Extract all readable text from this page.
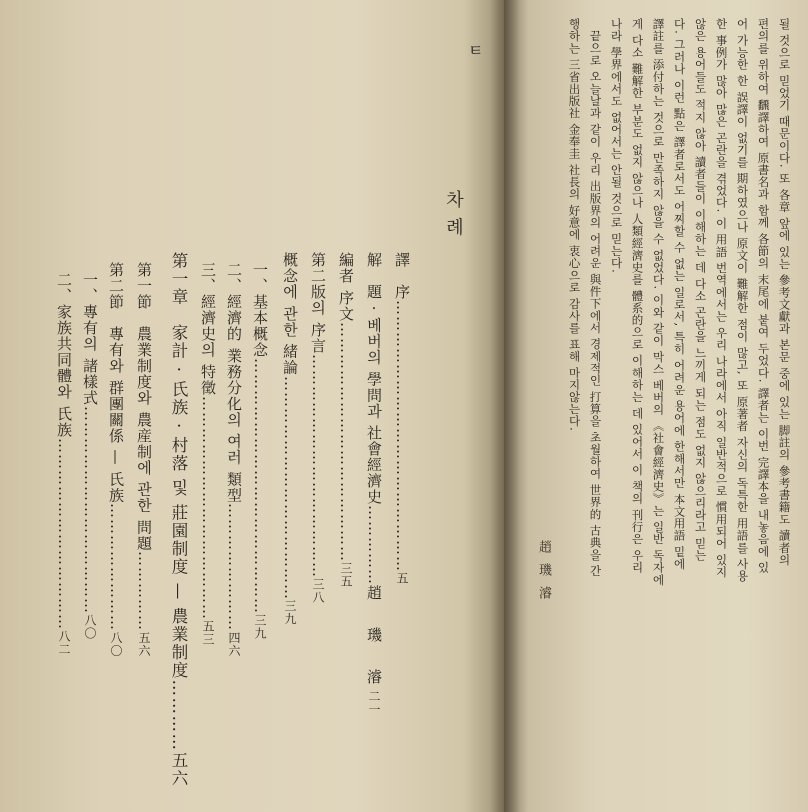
ㅌ
차 례
譯　序……………………………………………五
解　題 · 베버의 學問과 社會經濟史……………趙　璣　濬二一
編者 序文………………………………………三五
第二版의 序言……………………………………三八
概念에 관한 緒論……………………………………三九
一、基本概念…………………………………………三九
二、經濟的 業務分化의 여러 類型……………………四六
三、經濟史의 特徵……………………………………五三
第一章　家計 · 氏族 · 村落 및 莊園制度 — 農業制度…………五六
第一節　農業制度와 農産制에 관한 問題……………五六
第二節　專有와 群團關係 — 氏族……………………八〇
一、專有의 諸樣式…………………………………八〇
二、家族共同體와 氏族………………………………八二
될 것으로 믿었기 때문이다. 또 各章 앞에 있는 參考文獻과 본문 중에 있는 脚註의 參考書籍도 讀者의
편의를 위하여 飜譯하여 原書名과 함께 各節의 末尾에 붙여 두었다. 譯者는 이번 完譯本을 내놓음에 있
어 가능한 한 誤譯이 없기를 期하였으나 原文이 難解한 점이 많고, 또 原著者 자신의 독특한 用語를 사용
한 事例가 많아 많은 곤란을 겪었다. 이 用語 번역에서는 우리 나라에서 아직 일반적으로 慣用되어 있지
않은 용어들도 적지 않아 讀者들이 이해하는 데 다소 곤란을 느끼게 되는 점도 없지 않으리라고 믿는
다. 그러나 이런 點은 譯者로서도 어찌할 수 없는 일로서, 특히 어려운 용어에 한해서만 本文用語 밑에
譯註를 添付하는 것으로 만족하지 않을 수 없었다. 이와 같이 막스 베버의 《社會經濟史》는 일반 독자에
게 다소 難解한 부분도 없지 않으나 人類經濟史를 體系的으로 이해하는 데 있어서 이 책의 刊行은 우리
나라 學界에서도 없어서는 안될 것으로 믿는다.
끝으로 오늘날과 같이 우리 出版界의 어려운 與件下에서 경제적인 打算을 초월하여 世界的 古典을 간
행하는 三省出版社 金奉圭 社長의 好意에 衷心으로 감사를 표해 마지않는다.
趙璣濬
